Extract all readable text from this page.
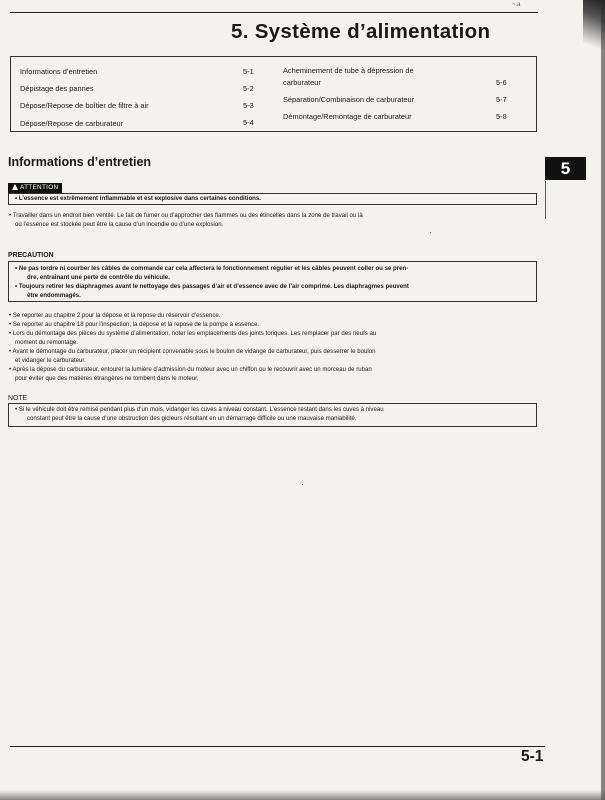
~.a
5. Système d’alimentation
Informations d’entretien	5-1
Dépistage des pannes	5-2
Dépose/Repose de boîtier de filtre à air	5-3
Dépose/Repose de carburateur	5-4
Acheminement de tube à dépression de
carburateur	5-6
Séparation/Combinaison de carburateur	5-7
Démontage/Remontage de carburateur	5-8
Informations d’entretien	5
ATTENTION
• L’essence est extrêmement inflammable et est explosive dans certaines conditions.
• Travailler dans un endroit bien ventilé. Le fait de fumer ou d’approcher des flammes ou des étincelles dans la zone de travail ou là
où l’essence est stockée peut être la cause d’un incendie ou d’une explosion.
PRECAUTION
• Ne pas tordre ni courber les câbles de commande car cela affectera le fonctionnement régulier et les câbles peuvent coller ou se pren-
dre, entraînant une perte de contrôle du véhicule.
• Toujours retirer les diaphragmes avant le nettoyage des passages d’air et d’essence avec de l’air comprimé. Les diaphragmes peuvent
être endommagés.
• Se reporter au chapitre 2 pour la dépose et la repose du réservoir d’essence.
• Se reporter au chapitre 18 pour l’inspection, la dépose et la repose de la pompe à essence.
• Lors du démontage des pièces du système d’alimentation, noter les emplacements des joints toriques. Les remplacer par des neufs au
moment du remontage.
• Avant le démontage du carburateur, placer un récipient convenable sous le boulon de vidange de carburateur, puis desserrer le boulon
et vidanger le carburateur.
• Après la dépose du carburateur, entourer la lumière d’admission du moteur avec un chiffon ou le recouvrir avec un morceau de ruban
pour éviter que des matières étrangères ne tombent dans le moteur.
NOTE
• Si le véhicule doit être remisé pendant plus d’un mois, vidanger les cuves à niveau constant. L’essence restant dans les cuves à niveau
constant peut être la cause d’une obstruction des gicleurs résultant en un démarrage difficile ou une mauvaise maniabilité.
5-1
